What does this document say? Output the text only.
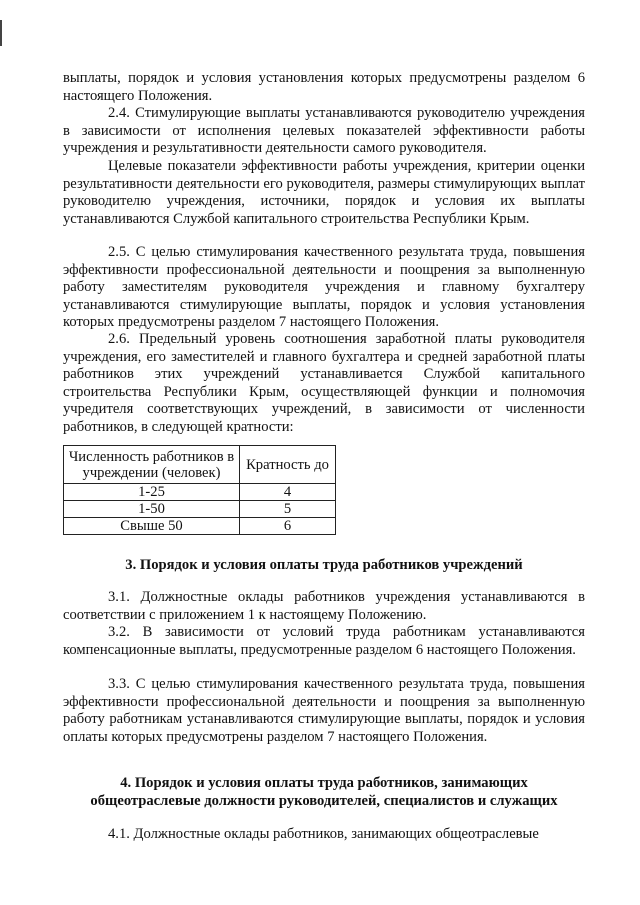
выплаты, порядок и условия установления которых предусмотрены разделом 6 настоящего Положения.

2.4. Стимулирующие выплаты устанавливаются руководителю учреждения в зависимости от исполнения целевых показателей эффективности работы учреждения и результативности деятельности самого руководителя.

Целевые показатели эффективности работы учреждения, критерии оценки результативности деятельности его руководителя, размеры стимулирующих выплат руководителю учреждения, источники, порядок и условия их выплаты устанавливаются Службой капитального строительства Республики Крым.

2.5. С целью стимулирования качественного результата труда, повышения эффективности профессиональной деятельности и поощрения за выполненную работу заместителям руководителя учреждения и главному бухгалтеру устанавливаются стимулирующие выплаты, порядок и условия установления которых предусмотрены разделом 7 настоящего Положения.

2.6. Предельный уровень соотношения заработной платы руководителя учреждения, его заместителей и главного бухгалтера и средней заработной платы работников этих учреждений устанавливается Службой капитального строительства Республики Крым, осуществляющей функции и полномочия учредителя соответствующих учреждений, в зависимости от численности работников, в следующей кратности:

Численность работников в учреждении (человек)	Кратность до
1-25	4
1-50	5
Свыше 50	6
3. Порядок и условия оплаты труда работников учреждений

3.1. Должностные оклады работников учреждения устанавливаются в соответствии с приложением 1 к настоящему Положению.

3.2. В зависимости от условий труда работникам устанавливаются компенсационные выплаты, предусмотренные разделом 6 настоящего Положения.

3.3. С целью стимулирования качественного результата труда, повышения эффективности профессиональной деятельности и поощрения за выполненную работу работникам устанавливаются стимулирующие выплаты, порядок и условия оплаты которых предусмотрены разделом 7 настоящего Положения.

4. Порядок и условия оплаты труда работников, занимающих
общеотраслевые должности руководителей, специалистов и служащих

4.1. Должностные оклады работников, занимающих общеотраслевые
